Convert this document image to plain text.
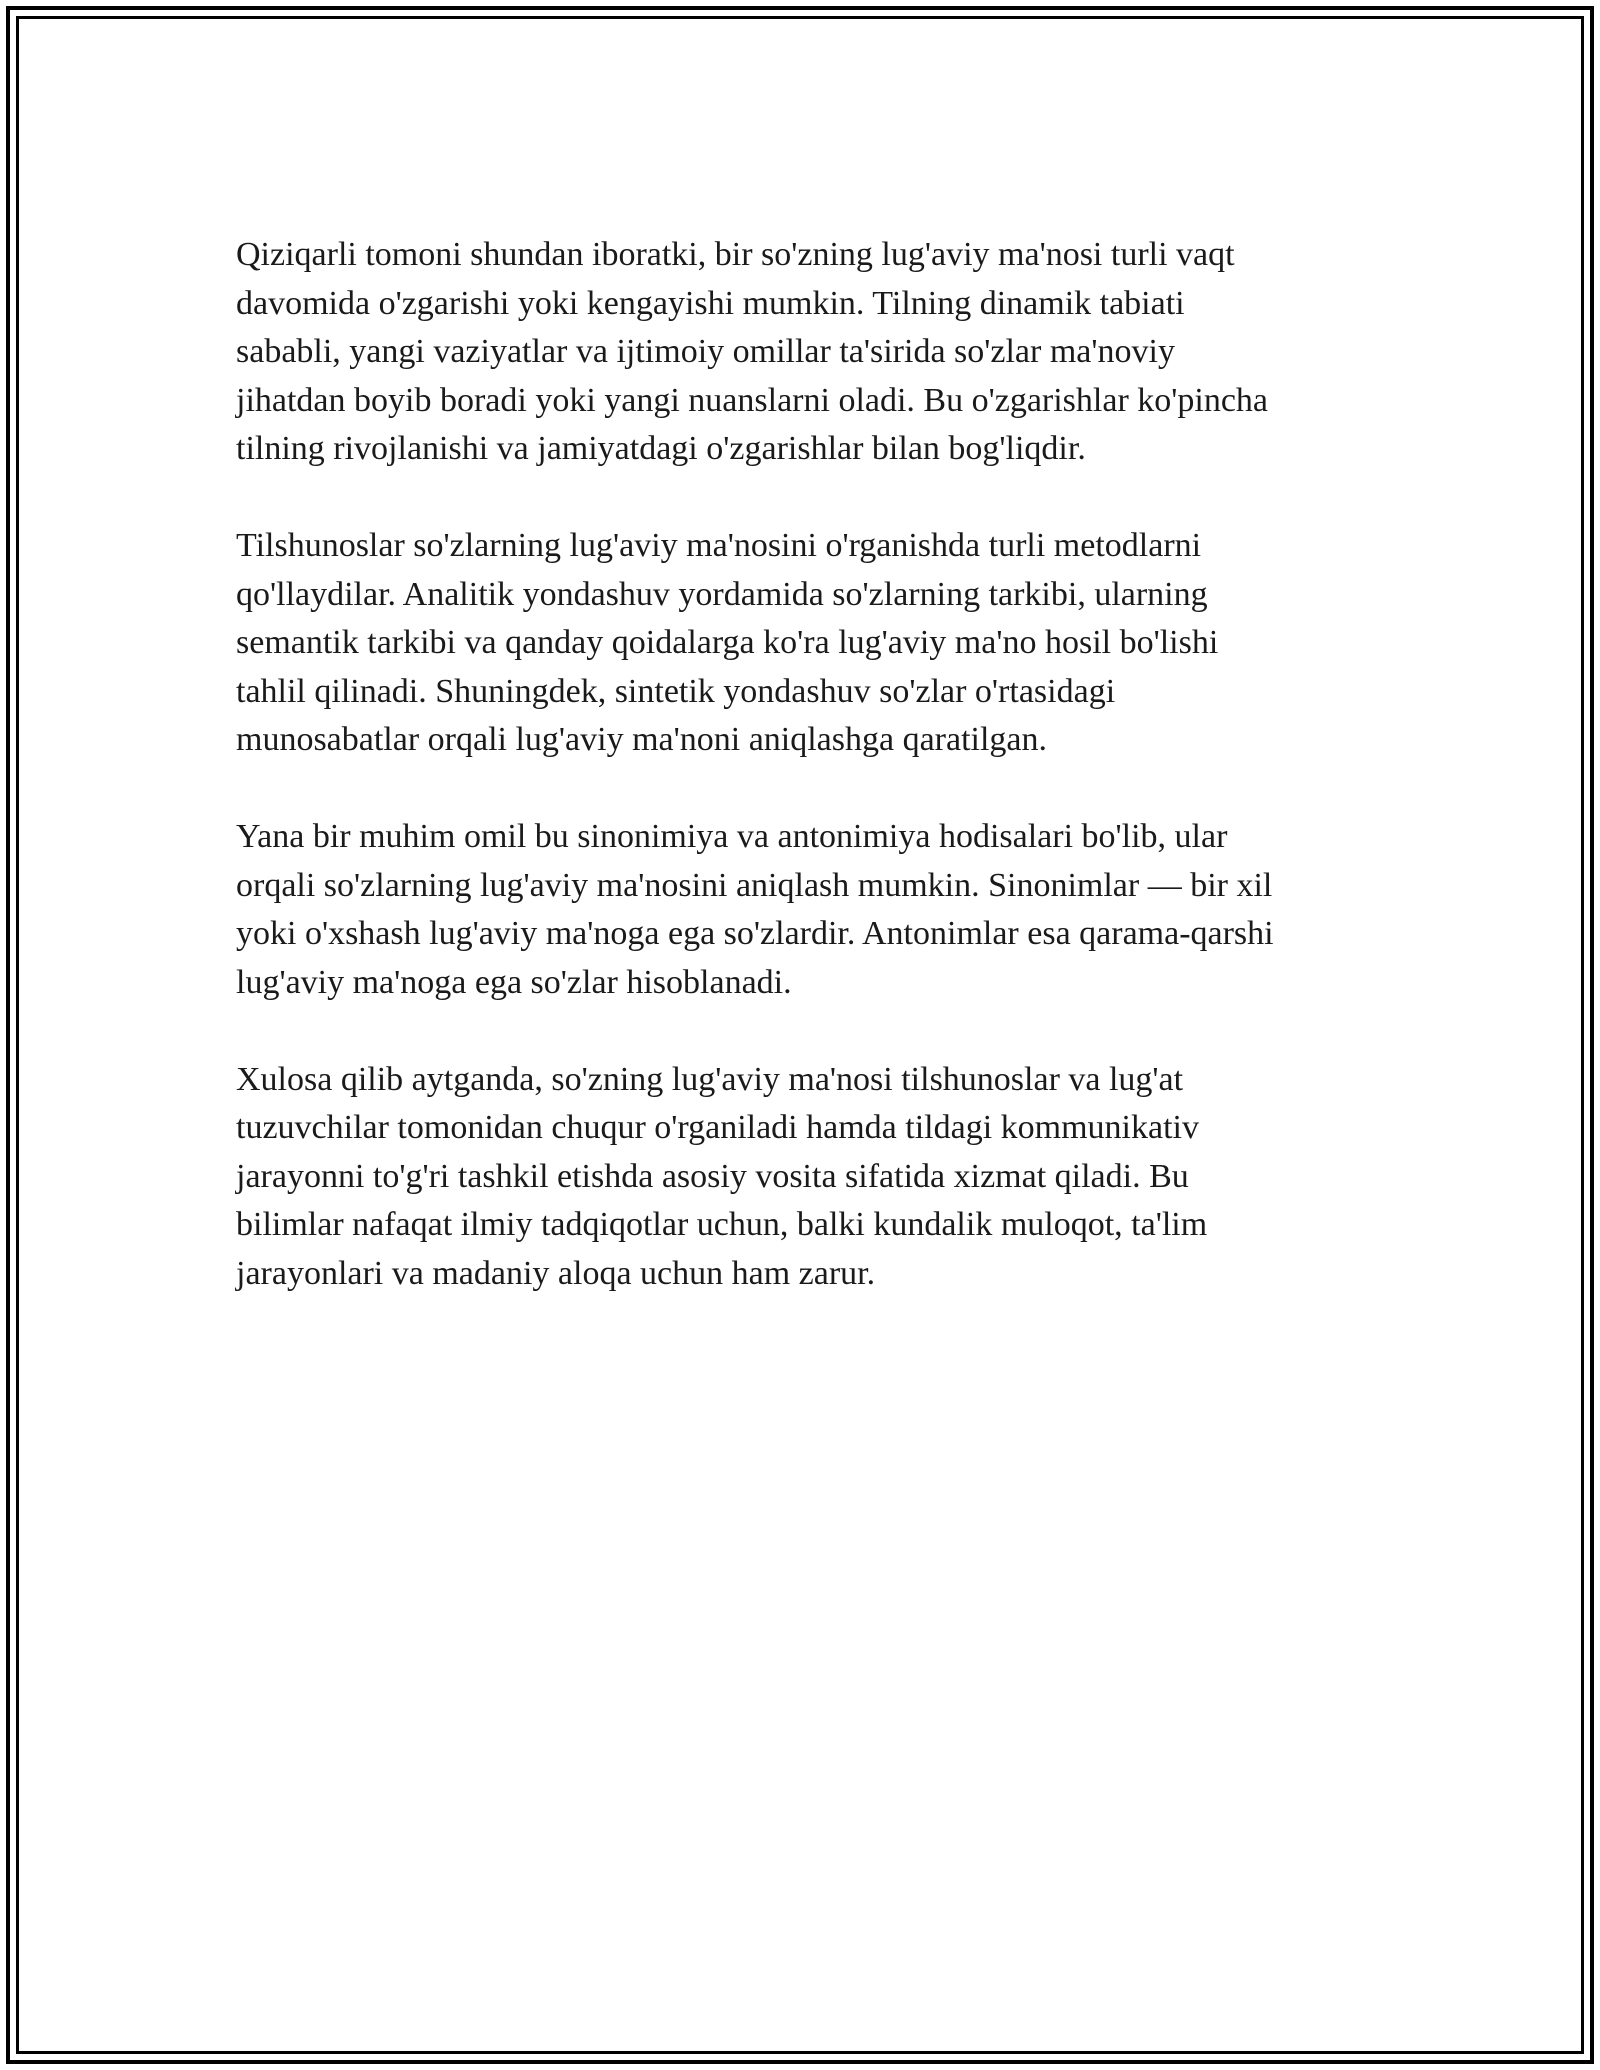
Qiziqarli tomoni shundan iboratki, bir so'zning lug'aviy ma'nosi turli vaqt
davomida o'zgarishi yoki kengayishi mumkin. Tilning dinamik tabiati
sababli, yangi vaziyatlar va ijtimoiy omillar ta'sirida so'zlar ma'noviy
jihatdan boyib boradi yoki yangi nuanslarni oladi. Bu o'zgarishlar ko'pincha
tilning rivojlanishi va jamiyatdagi o'zgarishlar bilan bog'liqdir.

Tilshunoslar so'zlarning lug'aviy ma'nosini o'rganishda turli metodlarni
qo'llaydilar. Analitik yondashuv yordamida so'zlarning tarkibi, ularning
semantik tarkibi va qanday qoidalarga ko'ra lug'aviy ma'no hosil bo'lishi
tahlil qilinadi. Shuningdek, sintetik yondashuv so'zlar o'rtasidagi
munosabatlar orqali lug'aviy ma'noni aniqlashga qaratilgan.

Yana bir muhim omil bu sinonimiya va antonimiya hodisalari bo'lib, ular
orqali so'zlarning lug'aviy ma'nosini aniqlash mumkin. Sinonimlar — bir xil
yoki o'xshash lug'aviy ma'noga ega so'zlardir. Antonimlar esa qarama-qarshi
lug'aviy ma'noga ega so'zlar hisoblanadi.

Xulosa qilib aytganda, so'zning lug'aviy ma'nosi tilshunoslar va lug'at
tuzuvchilar tomonidan chuqur o'rganiladi hamda tildagi kommunikativ
jarayonni to'g'ri tashkil etishda asosiy vosita sifatida xizmat qiladi. Bu
bilimlar nafaqat ilmiy tadqiqotlar uchun, balki kundalik muloqot, ta'lim
jarayonlari va madaniy aloqa uchun ham zarur.
